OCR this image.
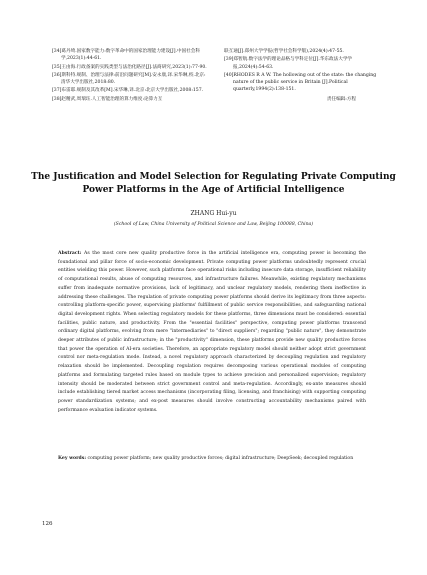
[34]葛丹埼.国家数字能力:数字革命中的国家治理能力建设[J].中国社会科学,2023(1):44-61.

[35]王由海.行政备案的实践类型与法治化路径[J].法商研究,2023(1):77-90.

[36]斯科特.规制、治理与法律:前沿问题研究[M].安永康,译.宋华琳,校.北京:清华大学出版社,2018:80.

[37]布雷耶.规制及其改革[M].宋华琳,译.北京:北京大学出版社,2008:157.

[38]赵精武,周瑞珏.人工智能治理的算力维度:论算力互

联互通[J].郑州大学学报(哲学社会科学版),2024(4):47-55.

[39]郑智航.数字法学的理论品格与学科定位[J].华东政法大学学报,2024(4):54-63.

[40]RHODES R A W. The hollowing out of the state: the changing nature of the public service in Britain [J].Political quarterly,1994(2):138-151.

责任编辑:方程
The Justification and Model Selection for Regulating Private Computing Power Platforms in the Age of Artificial Intelligence
ZHANG Hui-yu
(School of Law, China University of Political Science and Law, Beijing 100088, China)
Abstract: As the most core new quality productive force in the artificial intelligence era, computing power is becoming the foundational and pillar force of socio-economic development. Private computing power platforms undoubtedly represent crucial entities wielding this power. However, such platforms face operational risks including insecure data storage, insufficient reliability of computational results, abuse of computing resources, and infrastructure failures. Meanwhile, existing regulatory mechanisms suffer from inadequate normative provisions, lack of legitimacy, and unclear regulatory models, rendering them ineffective in addressing these challenges. The regulation of private computing power platforms should derive its legitimacy from three aspects: controlling platform-specific power, supervising platforms' fulfillment of public service responsibilities, and safeguarding national digital development rights. When selecting regulatory models for these platforms, three dimensions must be considered: essential facilities, public nature, and productivity. From the "essential facilities" perspective, computing power platforms transcend ordinary digital platforms, evolving from mere "intermediaries" to "direct suppliers"; regarding "public nature", they demonstrate deeper attributes of public infrastructure; in the "productivity" dimension, these platforms provide new quality productive forces that power the operation of AI-era societies. Therefore, an appropriate regulatory model should neither adopt strict government control nor meta-regulation mode. Instead, a novel regulatory approach characterized by decoupling regulation and regulatory relaxation should be implemented. Decoupling regulation requires decomposing various operational modules of computing platforms and formulating targeted rules based on module types to achieve precision and personalized supervision; regulatory intensity should be moderated between strict government control and meta-regulation. Accordingly, ex-ante measures should include establishing tiered market access mechanisms (incorporating filing, licensing, and franchising) with supporting computing power standardization systems; and ex-post measures should involve constructing accountability mechanisms paired with performance evaluation indicator systems.
Key words: computing power platform; new quality productive forces; digital infrastructure; DeepSeek; decoupled regulation
126
